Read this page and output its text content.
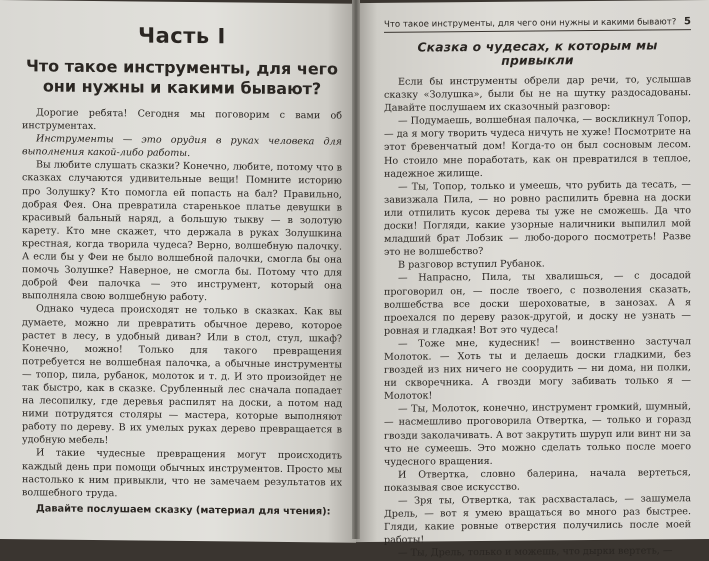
Часть I
Что такое инструменты, для чего они нужны и какими бывают?

Дорогие ребята! Сегодня мы поговорим с вами об инструментах.

Инструменты — это орудия в руках человека для выполнения какой-либо работы.

Вы любите слушать сказки? Конечно, любите, потому что в сказках случаются удивительные вещи! Помните историю про Золушку? Кто помогла ей попасть на бал? Правильно, добрая Фея. Она превратила старенькое платье девушки в красивый бальный наряд, а большую тыкву — в золотую карету. Кто мне скажет, что держала в руках Золушкина крестная, когда творила чудеса? Верно, волшебную палочку. А если бы у Феи не было волшебной палочки, смогла бы она помочь Золушке? Наверное, не смогла бы. Потому что для доброй Феи палочка — это инструмент, который она выполняла свою волшебную работу.

Однако чудеса происходят не только в сказках. Как вы думаете, можно ли превратить обычное дерево, которое растет в лесу, в удобный диван? Или в стол, стул, шкаф? Конечно, можно! Только для такого превращения потребуется не волшебная палочка, а обычные инструменты — топор, пила, рубанок, молоток и т. д. И это произойдет не так быстро, как в сказке. Срубленный лес сначала попадает на лесопилку, где деревья распилят на доски, а потом над ними потрудятся столяры — мастера, которые выполняют работу по дереву. В их умелых руках дерево превращается в удобную мебель!

И такие чудесные превращения могут происходить каждый день при помощи обычных инструментов. Просто мы настолько к ним привыкли, что не замечаем результатов их волшебного труда.

Давайте послушаем сказку (материал для чтения):

Что такое инструменты, для чего они нужны и какими бывают? 5
Сказка о чудесах, к которым мы привыкли

Если бы инструменты обрели дар речи, то, услышав сказку «Золушка», были бы не на шутку раздосадованы. Давайте послушаем их сказочный разговор:

— Подумаешь, волшебная палочка, — воскликнул Топор, — да я могу творить чудеса ничуть не хуже! Посмотрите на этот бревенчатый дом! Когда-то он был сосновым лесом. Но стоило мне поработать, как он превратился в теплое, надежное жилище.

— Ты, Топор, только и умеешь, что рубить да тесать, — завизжала Пила, — но ровно распилить бревна на доски или отпилить кусок дерева ты уже не сможешь. Да что доски! Погляди, какие узорные наличники выпилил мой младший брат Лобзик — любо-дорого посмотреть! Разве это не волшебство?

В разговор вступил Рубанок.

— Напрасно, Пила, ты хвалишься, — с досадой проговорил он, — после твоего, с позволения сказать, волшебства все доски шероховатые, в занозах. А я проехался по дереву разок-другой, и доску не узнать — ровная и гладкая! Вот это чудеса!

— Тоже мне, кудесник! — воинственно застучал Молоток. — Хоть ты и делаешь доски гладкими, без гвоздей из них ничего не соорудить — ни дома, ни полки, ни скворечника. А гвозди могу забивать только я — Молоток!

— Ты, Молоток, конечно, инструмент громкий, шумный, — насмешливо проговорила Отвертка, — только и горазд гвозди заколачивать. А вот закрутить шуруп или винт ни за что не сумеешь. Это можно сделать только после моего чудесного вращения.

И Отвертка, словно балерина, начала вертеться, показывая свое искусство.

— Зря ты, Отвертка, так расхвасталась, — зашумела Дрель, — вот я умею вращаться во много раз быстрее. Гляди, какие ровные отверстия получились после моей работы!

— Ты, Дрель, только и можешь, что дырки вертеть, —
